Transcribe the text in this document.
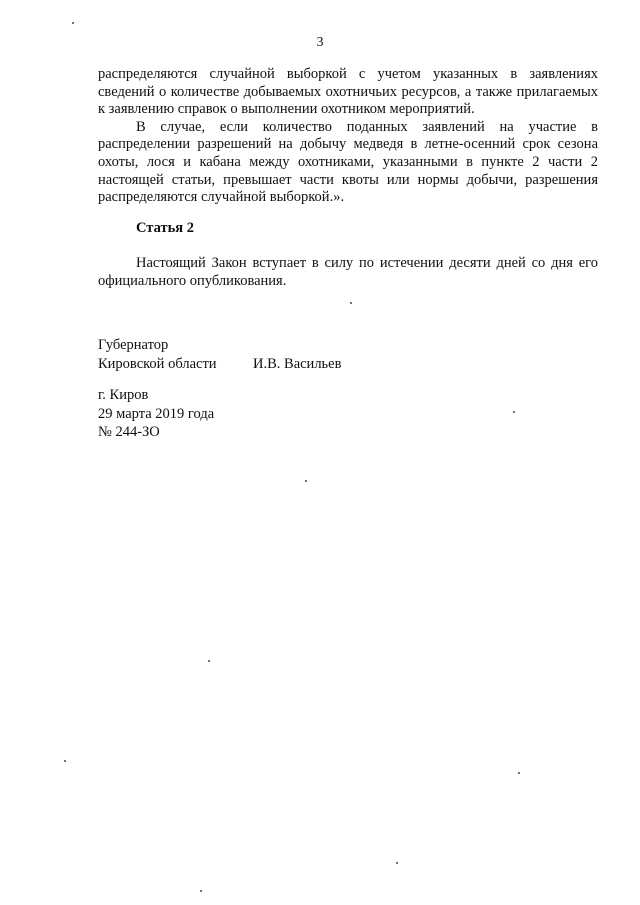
3

распределяются случайной выборкой с учетом указанных в заявлениях сведений о количестве добываемых охотничьих ресурсов, а также прилагаемых к заявлению справок о выполнении охотником мероприятий.

В случае, если количество поданных заявлений на участие в распределении разрешений на добычу медведя в летне-осенний срок сезона охоты, лося и кабана между охотниками, указанными в пункте 2 части 2 настоящей статьи, превышает части квоты или нормы добычи, разрешения распределяются случайной выборкой.».

Статья 2

Настоящий Закон вступает в силу по истечении десяти дней со дня его официального опубликования.

Губернатор
Кировской области	И.В. Васильев
г. Киров
29 марта 2019 года
№ 244-ЗО
